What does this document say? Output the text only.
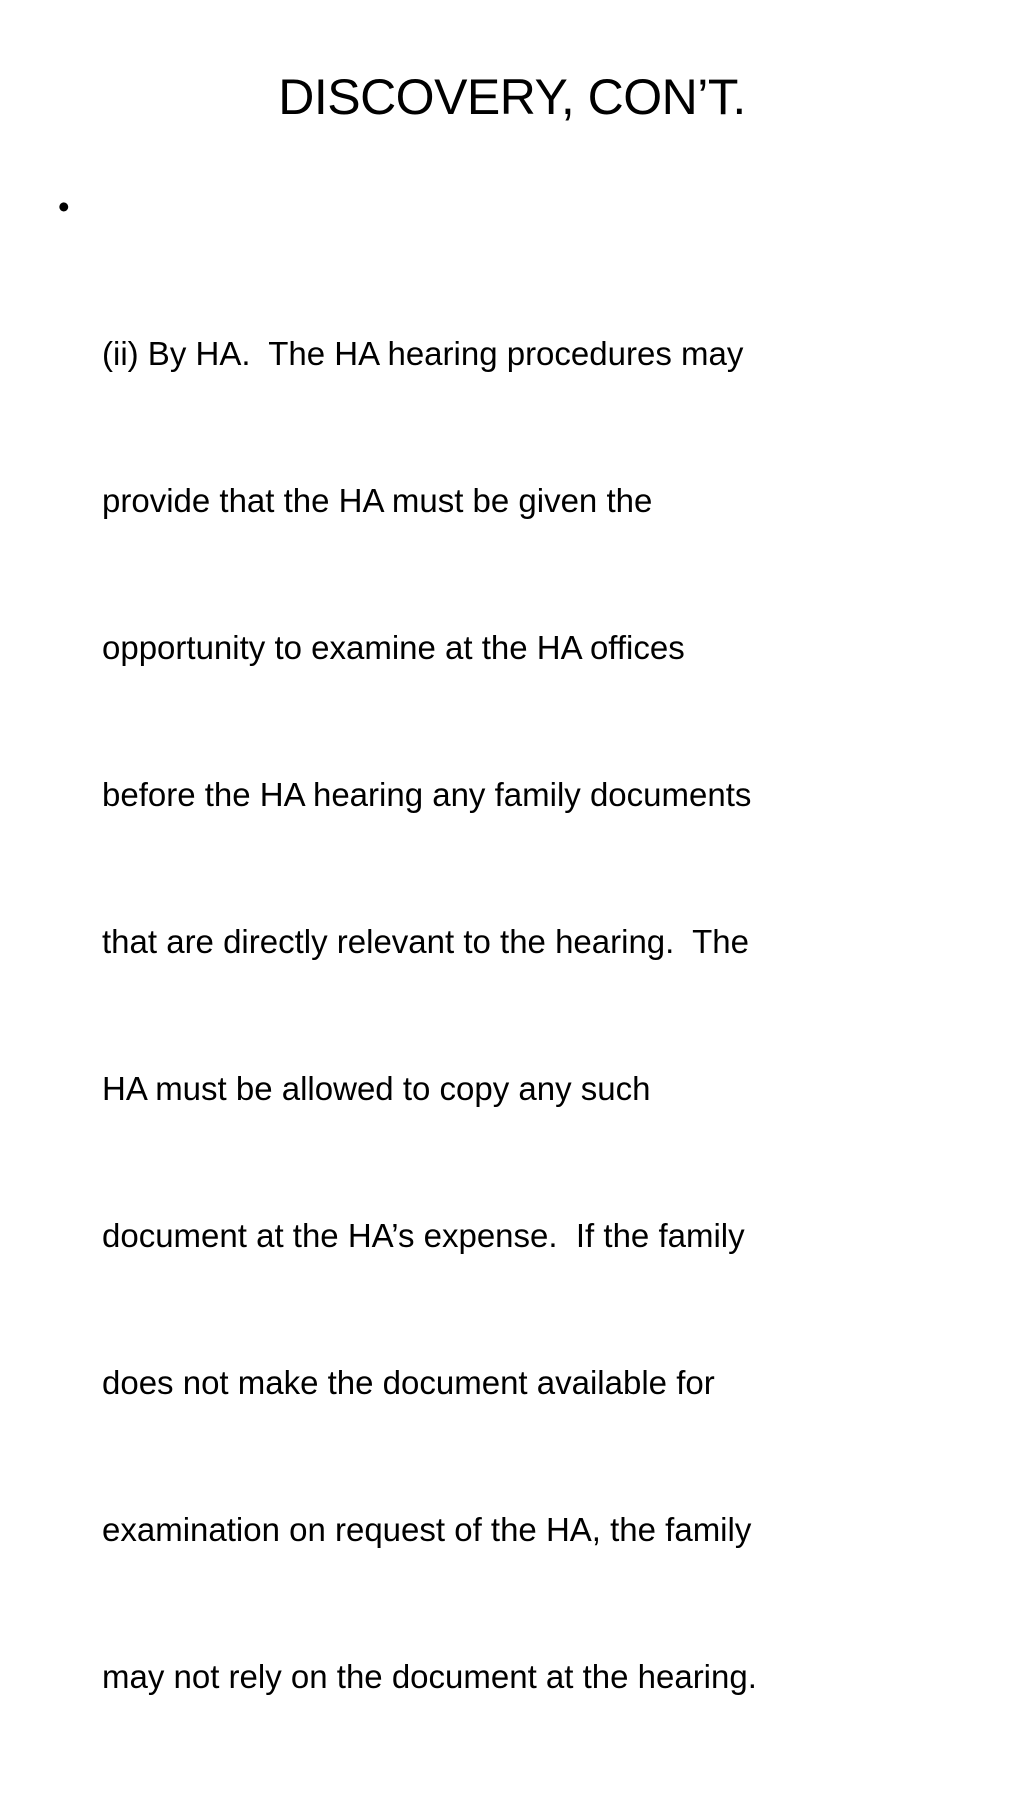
DISCOVERY, CON’T.

•

(ii) By HA.  The HA hearing procedures may

provide that the HA must be given the

opportunity to examine at the HA offices

before the HA hearing any family documents

that are directly relevant to the hearing.  The

HA must be allowed to copy any such

document at the HA’s expense.  If the family

does not make the document available for

examination on request of the HA, the family

may not rely on the document at the hearing.
